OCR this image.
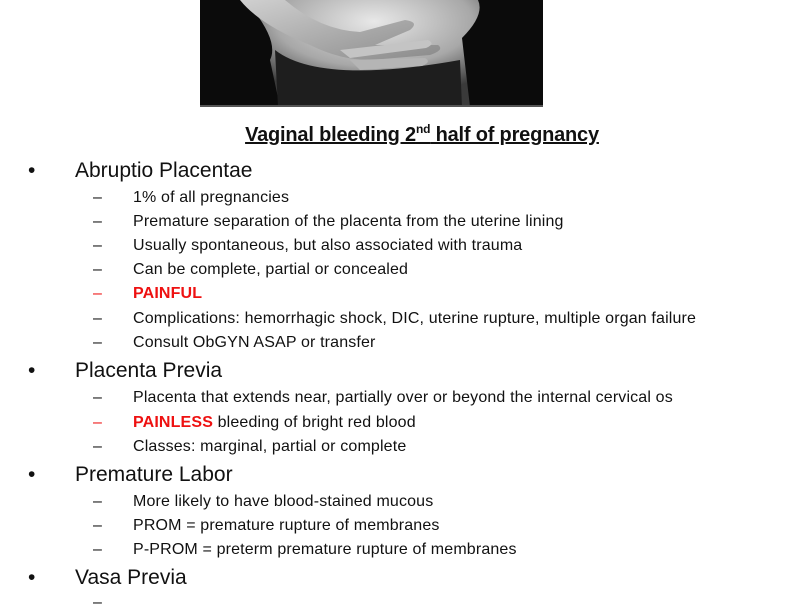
Vaginal bleeding 2nd half of pregnancy
• Abruptio Placentae
– 1% of all pregnancies
– Premature separation of the placenta from the uterine lining
– Usually spontaneous, but also associated with trauma
– Can be complete, partial or concealed
– PAINFUL
– Complications: hemorrhagic shock, DIC, uterine rupture, multiple organ failure
– Consult ObGYN ASAP or transfer
• Placenta Previa
– Placenta that extends near, partially over or beyond the internal cervical os
– PAINLESS bleeding of bright red blood
– Classes: marginal, partial or complete
• Premature Labor
– More likely to have blood-stained mucous
– PROM = premature rupture of membranes
– P-PROM = preterm premature rupture of membranes
• Vasa Previa
–
